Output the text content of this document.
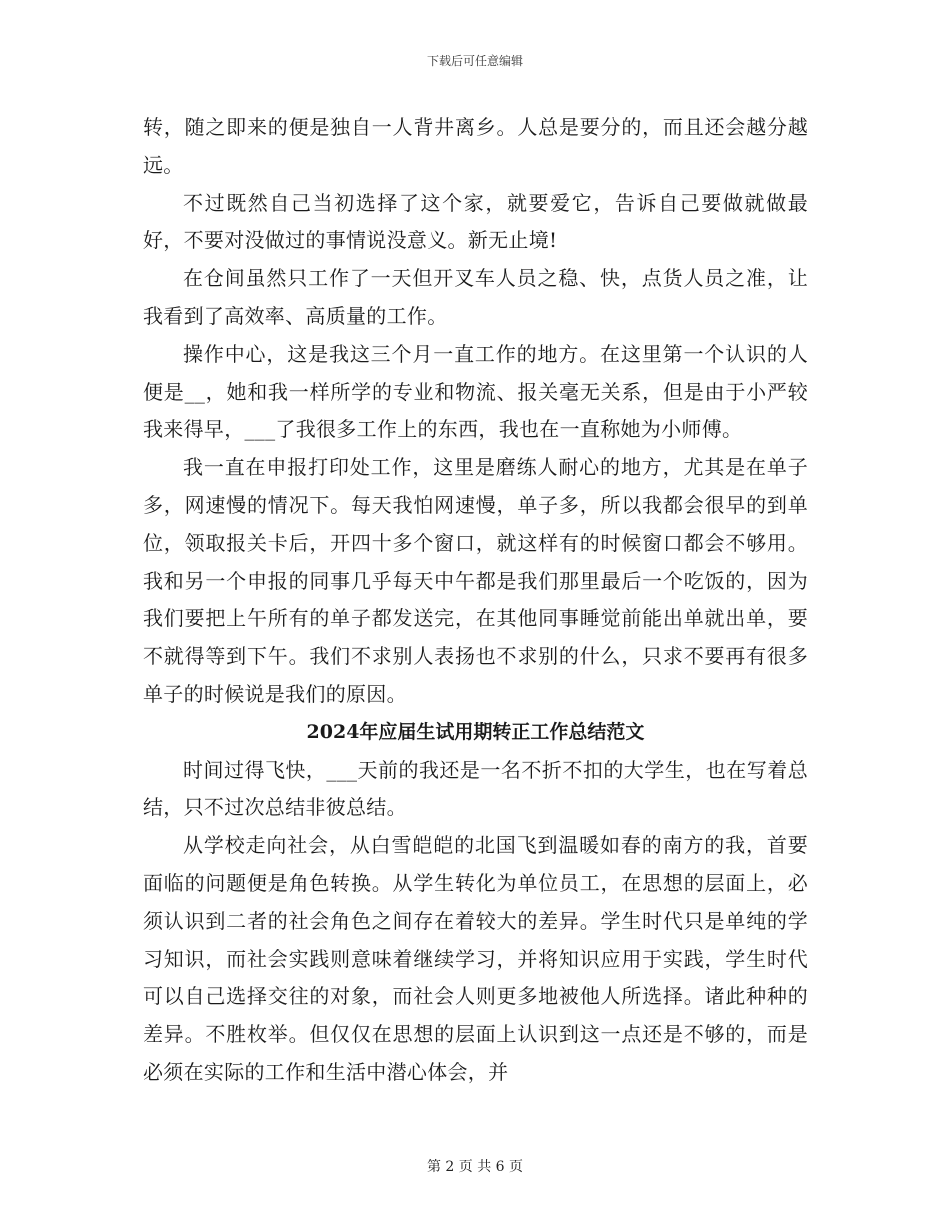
下载后可任意编辑

转，随之即来的便是独自一人背井离乡。人总是要分的，而且还会越分越远。

不过既然自己当初选择了这个家，就要爱它，告诉自己要做就做最好，不要对没做过的事情说没意义。新无止境!

在仓间虽然只工作了一天但开叉车人员之稳、快，点货人员之准，让我看到了高效率、高质量的工作。

操作中心，这是我这三个月一直工作的地方。在这里第一个认识的人便是__，她和我一样所学的专业和物流、报关毫无关系，但是由于小严较我来得早，___了我很多工作上的东西，我也在一直称她为小师傅。

我一直在申报打印处工作，这里是磨练人耐心的地方，尤其是在单子多，网速慢的情况下。每天我怕网速慢，单子多，所以我都会很早的到单位，领取报关卡后，开四十多个窗口，就这样有的时候窗口都会不够用。我和另一个申报的同事几乎每天中午都是我们那里最后一个吃饭的，因为我们要把上午所有的单子都发送完，在其他同事睡觉前能出单就出单，要不就得等到下午。我们不求别人表扬也不求别的什么，只求不要再有很多单子的时候说是我们的原因。

2024年应届生试用期转正工作总结范文

时间过得飞快，___天前的我还是一名不折不扣的大学生，也在写着总结，只不过次总结非彼总结。

从学校走向社会，从白雪皑皑的北国飞到温暖如春的南方的我，首要面临的问题便是角色转换。从学生转化为单位员工，在思想的层面上，必须认识到二者的社会角色之间存在着较大的差异。学生时代只是单纯的学习知识，而社会实践则意味着继续学习，并将知识应用于实践，学生时代可以自己选择交往的对象，而社会人则更多地被他人所选择。诸此种种的差异。不胜枚举。但仅仅在思想的层面上认识到这一点还是不够的，而是必须在实际的工作和生活中潜心体会，并

第 2 页 共 6 页
